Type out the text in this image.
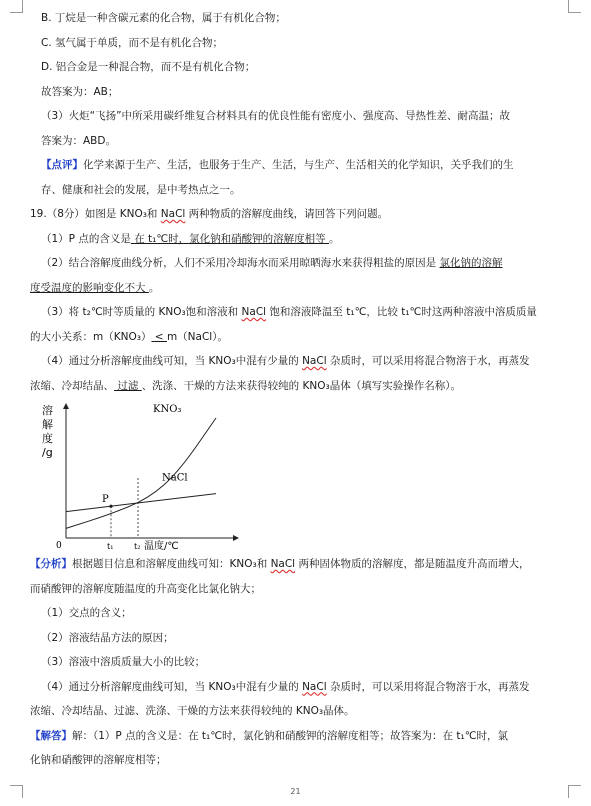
B. 丁烷是一种含碳元素的化合物，属于有机化合物；
C. 氢气属于单质，而不是有机化合物；
D. 铝合金是一种混合物，而不是有机化合物；
故答案为：AB；
（3）火炬“飞扬”中所采用碳纤维复合材料具有的优良性能有密度小、强度高、导热性差、耐高温；故
答案为：ABD。
【点评】化学来源于生产、生活，也服务于生产、生活，与生产、生活相关的化学知识，关乎我们的生
存、健康和社会的发展，是中考热点之一。
19.（8分）如图是 KNO₃和 NaCl 两种物质的溶解度曲线，请回答下列问题。
（1）P 点的含义是 在 t₁℃时，氯化钠和硝酸钾的溶解度相等 。
（2）结合溶解度曲线分析，人们不采用冷却海水而采用晾晒海水来获得粗盐的原因是 氯化钠的溶解
度受温度的影响变化不大 。
（3）将 t₂℃时等质量的 KNO₃饱和溶液和 NaCl 饱和溶液降温至 t₁℃，比较 t₁℃时这两种溶液中溶质质量
的大小关系：m（KNO₃） < m（NaCl）。
（4）通过分析溶解度曲线可知，当 KNO₃中混有少量的 NaCl 杂质时，可以采用将混合物溶于水，再蒸发
浓缩、冷却结晶、 过滤 、洗涤、干燥的方法来获得较纯的 KNO₃晶体（填写实验操作名称）。
溶
解
度
/g
0
P
t₁	t₂
KNO₃
NaCl
温度/℃
【分析】根据题目信息和溶解度曲线可知：KNO₃和 NaCl 两种固体物质的溶解度，都是随温度升高而增大，
而硝酸钾的溶解度随温度的升高变化比氯化钠大；
（1）交点的含义；
（2）溶液结晶方法的原因；
（3）溶液中溶质质量大小的比较；
（4）通过分析溶解度曲线可知，当 KNO₃中混有少量的 NaCl 杂质时，可以采用将混合物溶于水，再蒸发
浓缩、冷却结晶、过滤、洗涤、干燥的方法来获得较纯的 KNO₃晶体。
【解答】解：（1）P 点的含义是：在 t₁℃时，氯化钠和硝酸钾的溶解度相等；故答案为：在 t₁℃时，氯
化钠和硝酸钾的溶解度相等；
21
